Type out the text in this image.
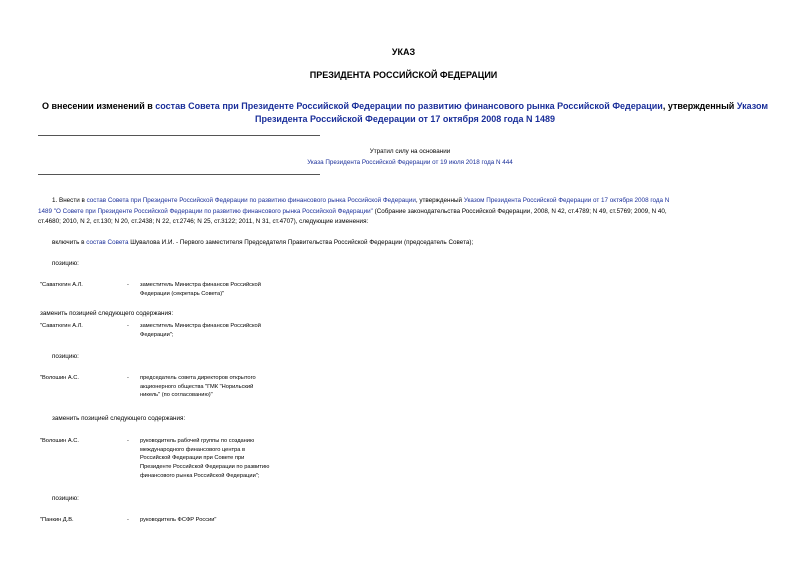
УКАЗ
ПРЕЗИДЕНТА РОССИЙСКОЙ ФЕДЕРАЦИИ
О внесении изменений в состав Совета при Президенте Российской Федерации по развитию финансового рынка Российской Федерации, утвержденный Указом
Президента Российской Федерации от 17 октября 2008 года N 1489
Утратил силу на основании
Указа Президента Российской Федерации от 19 июля 2018 года N 444
1. Внести в состав Совета при Президенте Российской Федерации по развитию финансового рынка Российской Федерации, утвержденный Указом Президента Российской Федерации от 17 октября 2008 года N
1489 "О Совете при Президенте Российской Федерации по развитию финансового рынка Российской Федерации" (Собрание законодательства Российской Федерации, 2008, N 42, ст.4789; N 49, ст.5769; 2009, N 40,
ст.4680; 2010, N 2, ст.130; N 20, ст.2438; N 22, ст.2746; N 25, ст.3122; 2011, N 31, ст.4707), следующие изменения:
включить в состав Совета Шувалова И.И. - Первого заместителя Председателя Правительства Российской Федерации (председатель Совета);
позицию:
"Саватюгин А.Л.	- заместитель Министра финансов Российской
Федерации (секретарь Совета)"
заменить позицией следующего содержания:
"Саватюгин А.Л.	- заместитель Министра финансов Российской
Федерации";
позицию:
"Волошин А.С.	- председатель совета директоров открытого
акционерного общества "ГМК "Норильский
никель" (по согласованию)"
заменить позицией следующего содержания:
"Волошин А.С.	- руководитель рабочей группы по созданию
международного финансового центра в
Российской Федерации при Совете при
Президенте Российской Федерации по развитию
финансового рынка Российской Федерации";
позицию:
"Панкин Д.В.	- руководитель ФСФР России"
